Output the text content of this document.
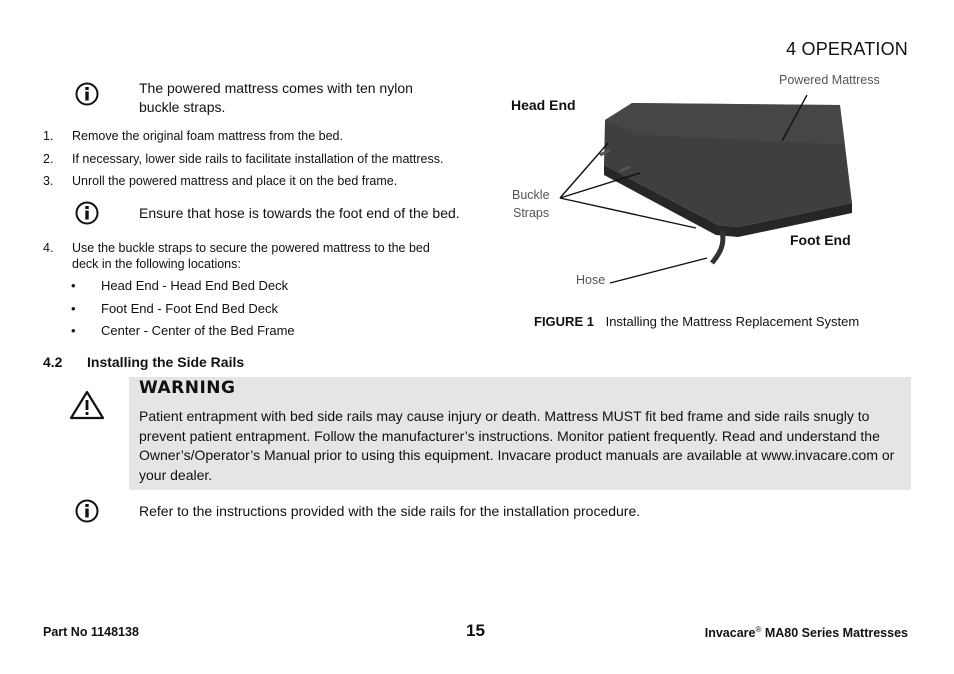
4 OPERATION
The powered mattress comes with ten nylon
buckle straps.
1. Remove the original foam mattress from the bed.
2. If necessary, lower side rails to facilitate installation of the mattress.
3. Unroll the powered mattress and place it on the bed frame.
Ensure that hose is towards the foot end of the bed.
4. Use the buckle straps to secure the powered mattress to the bed
deck in the following locations:
• Head End - Head End Bed Deck
• Foot End - Foot End Bed Deck
• Center - Center of the Bed Frame
Powered Mattress
Head End
Buckle
Straps
Foot End
Hose
FIGURE 1 Installing the Mattress Replacement System
4.2 Installing the Side Rails
WARNING
Patient entrapment with bed side rails may cause injury or death. Mattress MUST fit bed frame and side rails snugly to
prevent patient entrapment. Follow the manufacturer’s instructions. Monitor patient frequently. Read and understand the
Owner’s/Operator’s Manual prior to using this equipment. Invacare product manuals are available at www.invacare.com or
your dealer.
Refer to the instructions provided with the side rails for the installation procedure.
Part No 1148138	15	Invacare® MA80 Series Mattresses
